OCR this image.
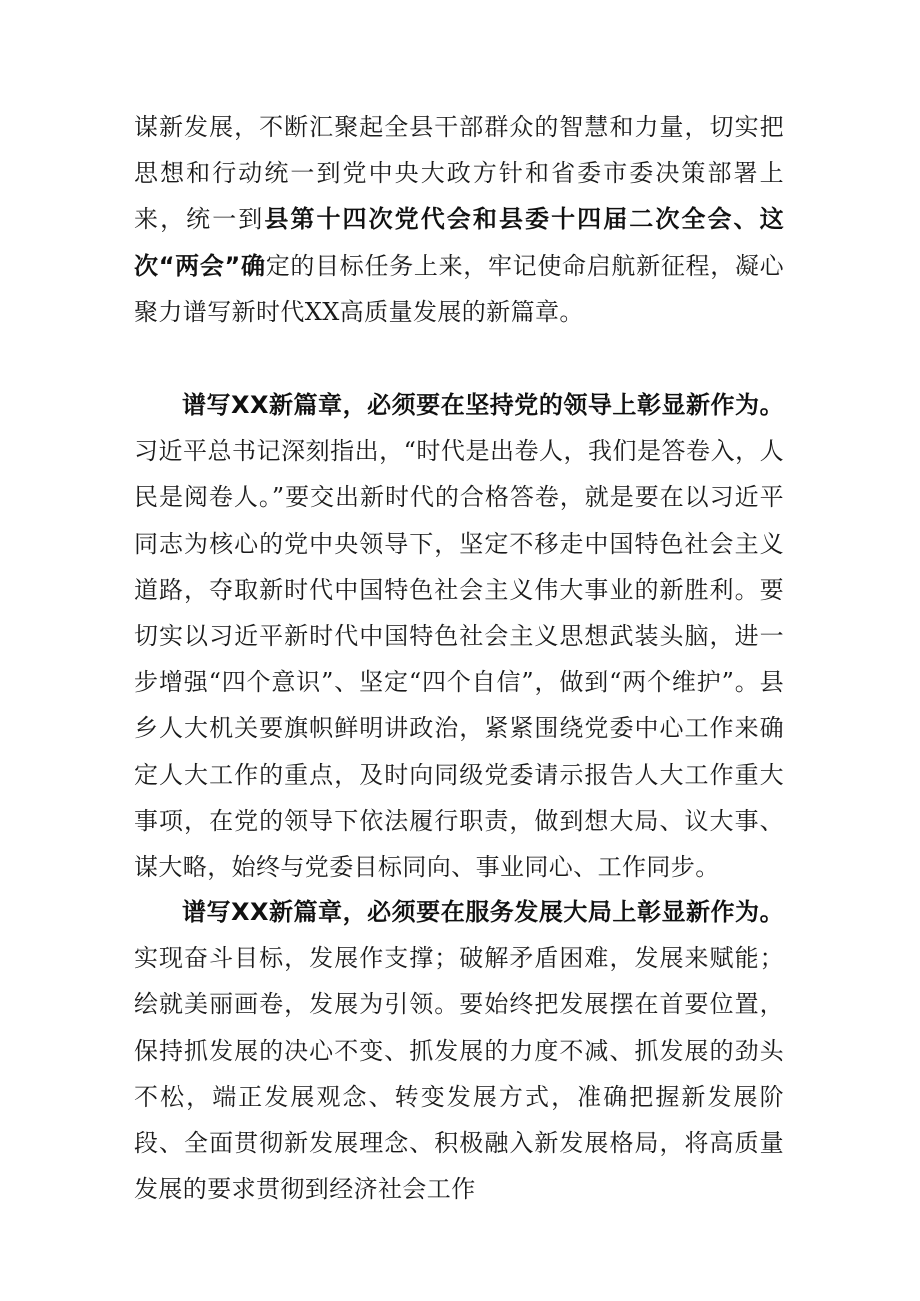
谋新发展，不断汇聚起全县干部群众的智慧和力量，切实把思想和行动统一到党中央大政方针和省委市委决策部署上来，统一到县第十四次党代会和县委十四届二次全会、这次“两会”确定的目标任务上来，牢记使命启航新征程，凝心聚力谱写新时代XX高质量发展的新篇章。

谱写XX新篇章，必须要在坚持党的领导上彰显新作为。习近平总书记深刻指出，“时代是出卷人，我们是答卷入，人民是阅卷人。”要交出新时代的合格答卷，就是要在以习近平同志为核心的党中央领导下，坚定不移走中国特色社会主义道路，夺取新时代中国特色社会主义伟大事业的新胜利。要切实以习近平新时代中国特色社会主义思想武装头脑，进一步增强“四个意识”、坚定“四个自信”，做到“两个维护”。县乡人大机关要旗帜鲜明讲政治，紧紧围绕党委中心工作来确定人大工作的重点，及时向同级党委请示报告人大工作重大事项，在党的领导下依法履行职责，做到想大局、议大事、谋大略，始终与党委目标同向、事业同心、工作同步。

谱写XX新篇章，必须要在服务发展大局上彰显新作为。实现奋斗目标，发展作支撑；破解矛盾困难，发展来赋能；绘就美丽画卷，发展为引领。要始终把发展摆在首要位置，保持抓发展的决心不变、抓发展的力度不减、抓发展的劲头不松，端正发展观念、转变发展方式，准确把握新发展阶段、全面贯彻新发展理念、积极融入新发展格局，将高质量发展的要求贯彻到经济社会工作
